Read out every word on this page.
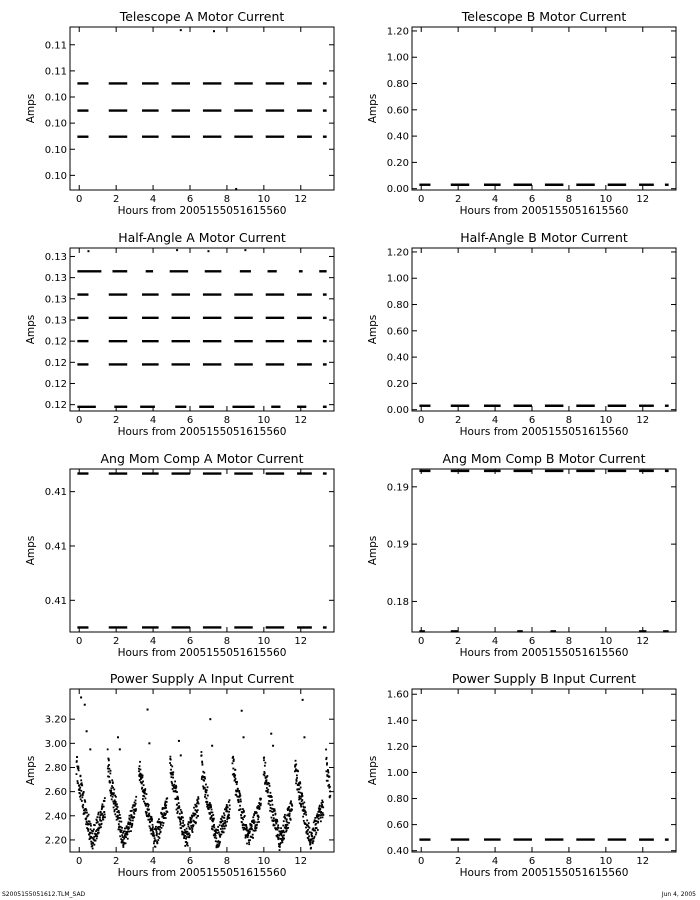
S2005155051612.TLM_SAD	Jun 4, 2005
Telescope A Motor Current
0	2	4	6	8	10 12
0.10
0.10
0.10
0.10
0.11
0.11
Hours from 2005155051615560
Amps
Telescope B Motor Current
0	2	4	6	8	10 12
0.00
0.20
0.40
0.60
0.80
1.00
1.20
Hours from 2005155051615560
Amps
Half-Angle A Motor Current
0	2	4	6	8	10 12
0.12
0.12
0.12
0.12
0.13
0.13
0.13
0.13
Hours from 2005155051615560
Amps
Half-Angle B Motor Current
0	2	4	6	8	10 12
0.00
0.20
0.40
0.60
0.80
1.00
1.20
Hours from 2005155051615560
Amps
Ang Mom Comp A Motor Current
0	2	4	6	8	10 12
0.41
0.41
0.41
Hours from 2005155051615560
Amps
Ang Mom Comp B Motor Current
0	2	4	6	8	10 12
0.18
0.19
0.19
Hours from 2005155051615560
Amps
Power Supply A Input Current
0	2	4	6	8	10 12
2.20
2.40
2.60
2.80
3.00
3.20
Hours from 2005155051615560
Amps
Power Supply B Input Current
0	2	4	6	8	10 12
0.40
0.60
0.80
1.00
1.20
1.40
1.60
Hours from 2005155051615560
Amps
